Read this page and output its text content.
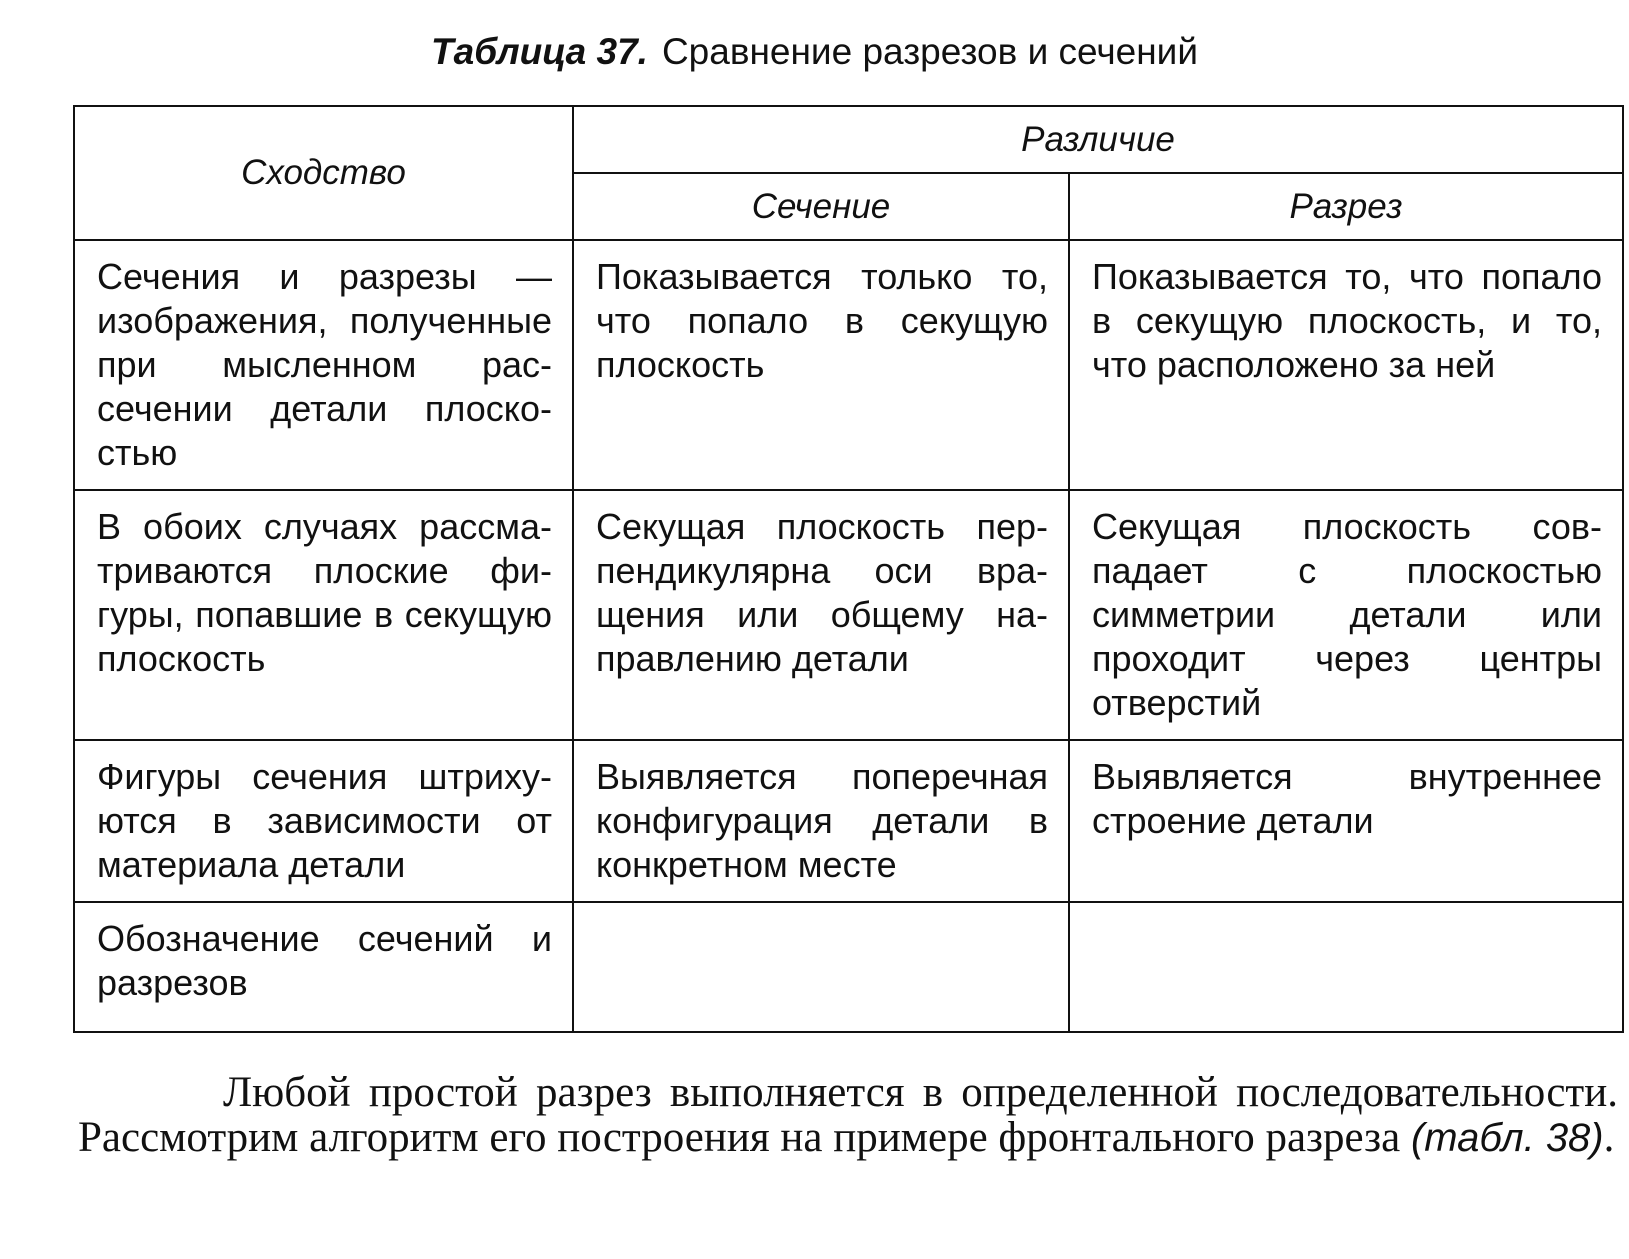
Таблица 37. Сравнение разрезов и сечений
Сходство	Различие	
	Сечение	Разрез
Сечения и разрезы — изображения, полученные при мысленном рассечении детали плоскостью	Показывается только то, что попало в секущую плоскость	Показывается то, что попало в секущую плоскость, и то, что расположено за ней
В обоих случаях рассматриваются плоские фигуры, попавшие в секущую плоскость	Секущая плоскость перпендикулярна оси вращения или общему направлению детали	Секущая плоскость совпадает с плоскостью симметрии детали или проходит через центры отверстий
Фигуры сечения штрихуются в зависимости от материала детали	Выявляется поперечная конфигурация детали в конкретном месте	Выявляется внутреннее строение детали
Обозначение сечений и разрезов		

Любой простой разрез выполняется в определенной последовательности. Рассмотрим алгоритм его построения на примере фронтального разреза (табл. 38).
